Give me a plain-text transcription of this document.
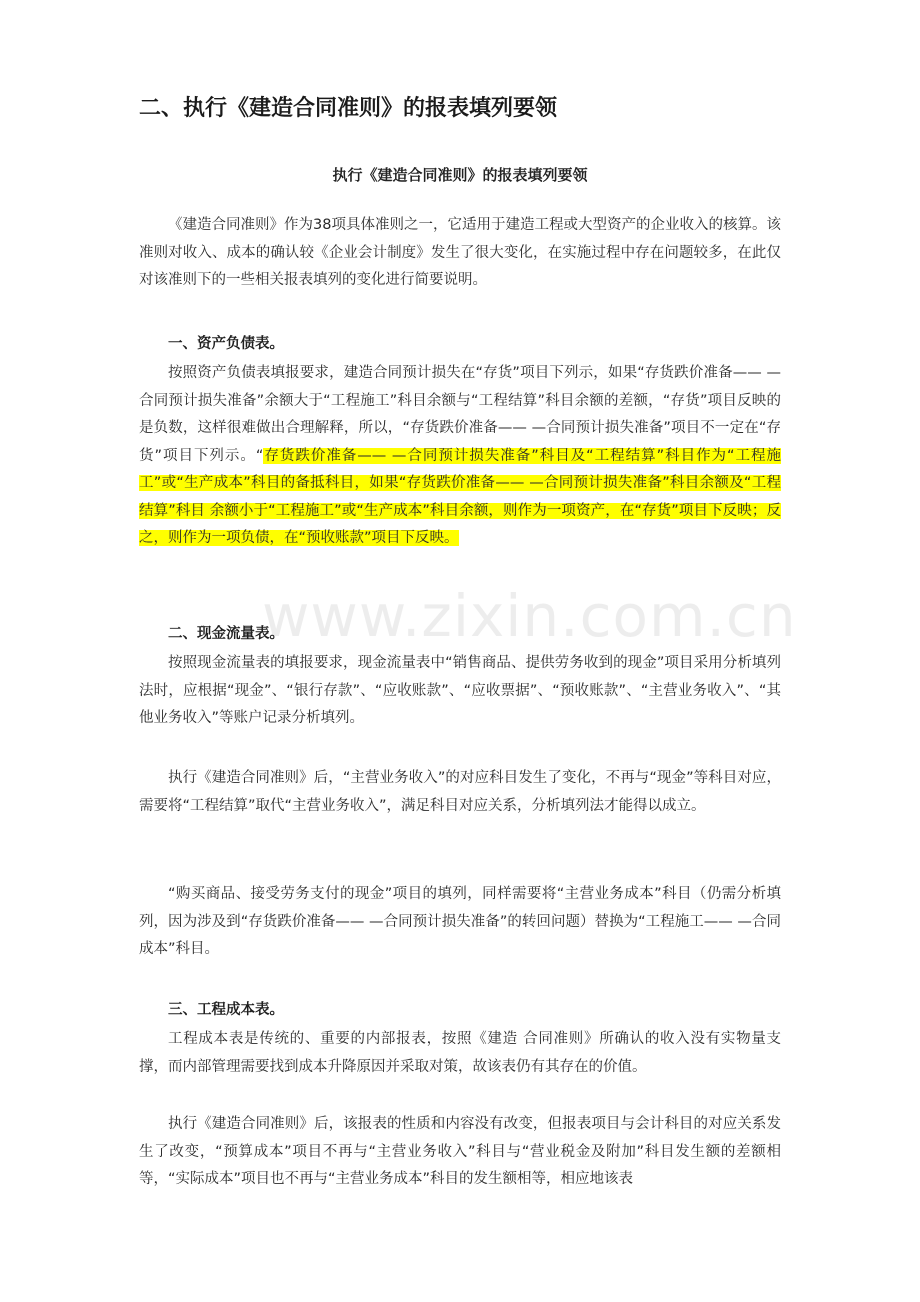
www.zixin.com.cn
二、执行《建造合同准则》的报表填列要领
执行《建造合同准则》的报表填列要领

《建造合同准则》作为38项具体准则之一，它适用于建造工程或大型资产的企业收入的核算。该准则对收入、成本的确认较《企业会计制度》发生了很大变化，在实施过程中存在问题较多，在此仅对该准则下的一些相关报表填列的变化进行简要说明。

一、资产负债表。

按照资产负债表填报要求，建造合同预计损失在“存货”项目下列示，如果“存货跌价准备—— —合同预计损失准备”余额大于“工程施工”科目余额与“工程结算”科目余额的差额，“存货”项目反映的是负数，这样很难做出合理解释，所以，“存货跌价准备—— —合同预计损失准备”项目不一定在“存货”项目下列示。“存货跌价准备—— —合同预计损失准备”科目及“工程结算”科目作为“工程施工”或“生产成本”科目的备抵科目，如果“存货跌价准备—— —合同预计损失准备”科目余额及“工程结算”科目 余额小于“工程施工”或“生产成本”科目余额，则作为一项资产，在“存货”项目下反映；反之，则作为一项负债，在“预收账款”项目下反映。

二、现金流量表。

按照现金流量表的填报要求，现金流量表中“销售商品、提供劳务收到的现金”项目采用分析填列法时，应根据“现金”、“银行存款”、“应收账款”、“应收票据”、“预收账款”、“主营业务收入”、“其他业务收入”等账户记录分析填列。

执行《建造合同准则》后，“主营业务收入”的对应科目发生了变化，不再与“现金”等科目对应，需要将“工程结算”取代“主营业务收入”，满足科目对应关系，分析填列法才能得以成立。

“购买商品、接受劳务支付的现金”项目的填列，同样需要将“主营业务成本”科目（仍需分析填列，因为涉及到“存货跌价准备—— —合同预计损失准备”的转回问题）替换为“工程施工—— —合同成本”科目。

三、工程成本表。

工程成本表是传统的、重要的内部报表，按照《建造 合同准则》所确认的收入没有实物量支撑，而内部管理需要找到成本升降原因并采取对策，故该表仍有其存在的价值。

执行《建造合同准则》后，该报表的性质和内容没有改变，但报表项目与会计科目的对应关系发生了改变，“预算成本”项目不再与“主营业务收入”科目与“营业税金及附加”科目发生额的差额相等，“实际成本”项目也不再与“主营业务成本”科目的发生额相等，相应地该表
